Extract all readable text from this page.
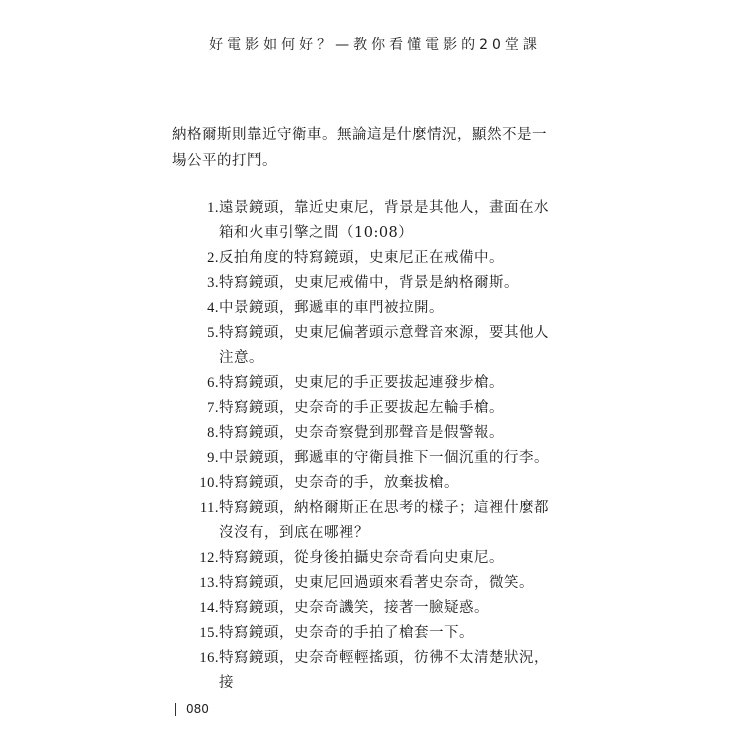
好電影如何好？—教你看懂電影的20堂課

納格爾斯則靠近守衛車。無論這是什麼情況，顯然不是一場公平的打鬥。

1. 遠景鏡頭，靠近史東尼，背景是其他人，畫面在水箱和火車引擎之間（10:08）
2. 反拍角度的特寫鏡頭，史東尼正在戒備中。
3. 特寫鏡頭，史東尼戒備中，背景是納格爾斯。
4. 中景鏡頭，郵遞車的車門被拉開。
5. 特寫鏡頭，史東尼偏著頭示意聲音來源，要其他人注意。
6. 特寫鏡頭，史東尼的手正要拔起連發步槍。
7. 特寫鏡頭，史奈奇的手正要拔起左輪手槍。
8. 特寫鏡頭，史奈奇察覺到那聲音是假警報。
9. 中景鏡頭，郵遞車的守衛員推下一個沉重的行李。
10. 特寫鏡頭，史奈奇的手，放棄拔槍。
11. 特寫鏡頭，納格爾斯正在思考的樣子；這裡什麼都沒沒有，到底在哪裡？
12. 特寫鏡頭，從身後拍攝史奈奇看向史東尼。
13. 特寫鏡頭，史東尼回過頭來看著史奈奇，微笑。
14. 特寫鏡頭，史奈奇譏笑，接著一臉疑惑。
15. 特寫鏡頭，史奈奇的手拍了槍套一下。
16. 特寫鏡頭，史奈奇輕輕搖頭，彷彿不太清楚狀況，接
080
